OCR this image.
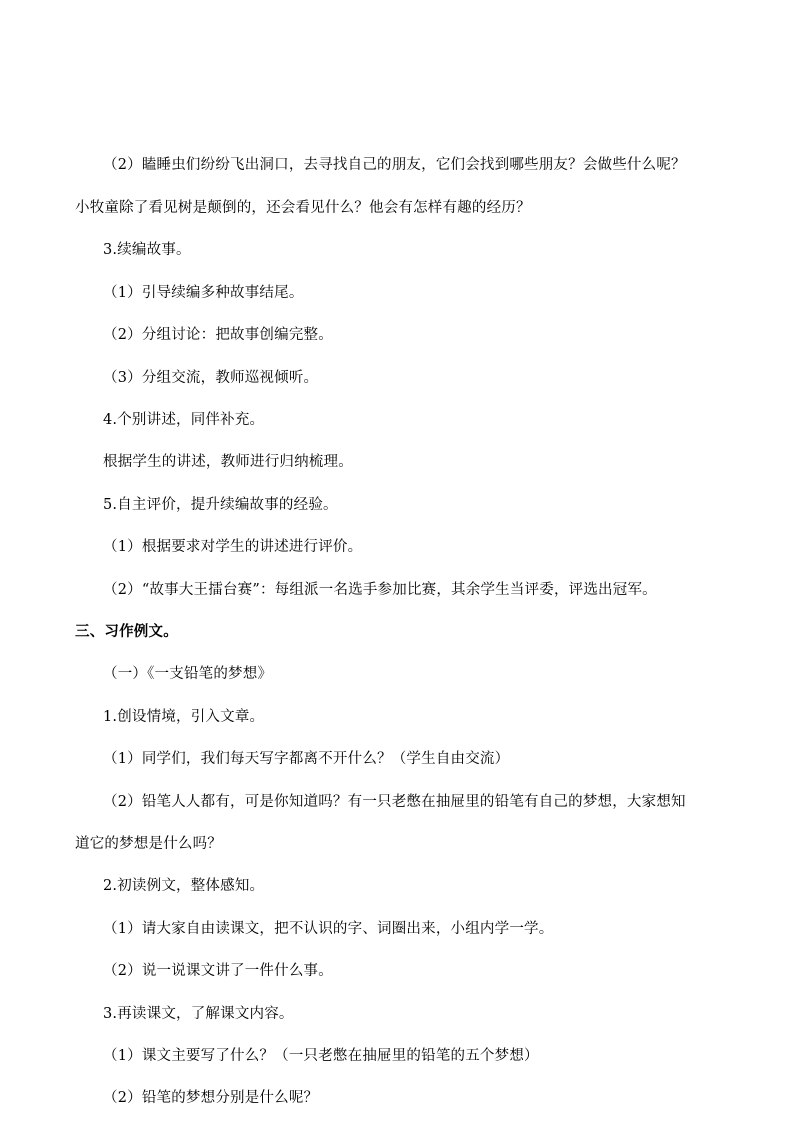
（2）瞌睡虫们纷纷飞出洞口，去寻找自己的朋友，它们会找到哪些朋友？会做些什么呢？
小牧童除了看见树是颠倒的，还会看见什么？他会有怎样有趣的经历？
3.续编故事。
（1）引导续编多种故事结尾。
（2）分组讨论：把故事创编完整。
（3）分组交流，教师巡视倾听。
4.个别讲述，同伴补充。
根据学生的讲述，教师进行归纳梳理。
5.自主评价，提升续编故事的经验。
（1）根据要求对学生的讲述进行评价。
（2）“故事大王擂台赛”：每组派一名选手参加比赛，其余学生当评委，评选出冠军。
三、习作例文。
（一）《一支铅笔的梦想》
1.创设情境，引入文章。
（1）同学们，我们每天写字都离不开什么？（学生自由交流）
（2）铅笔人人都有，可是你知道吗？有一只老憋在抽屉里的铅笔有自己的梦想，大家想知
道它的梦想是什么吗？
2.初读例文，整体感知。
（1）请大家自由读课文，把不认识的字、词圈出来，小组内学一学。
（2）说一说课文讲了一件什么事。
3.再读课文，了解课文内容。
（1）课文主要写了什么？（一只老憋在抽屉里的铅笔的五个梦想）
（2）铅笔的梦想分别是什么呢？
